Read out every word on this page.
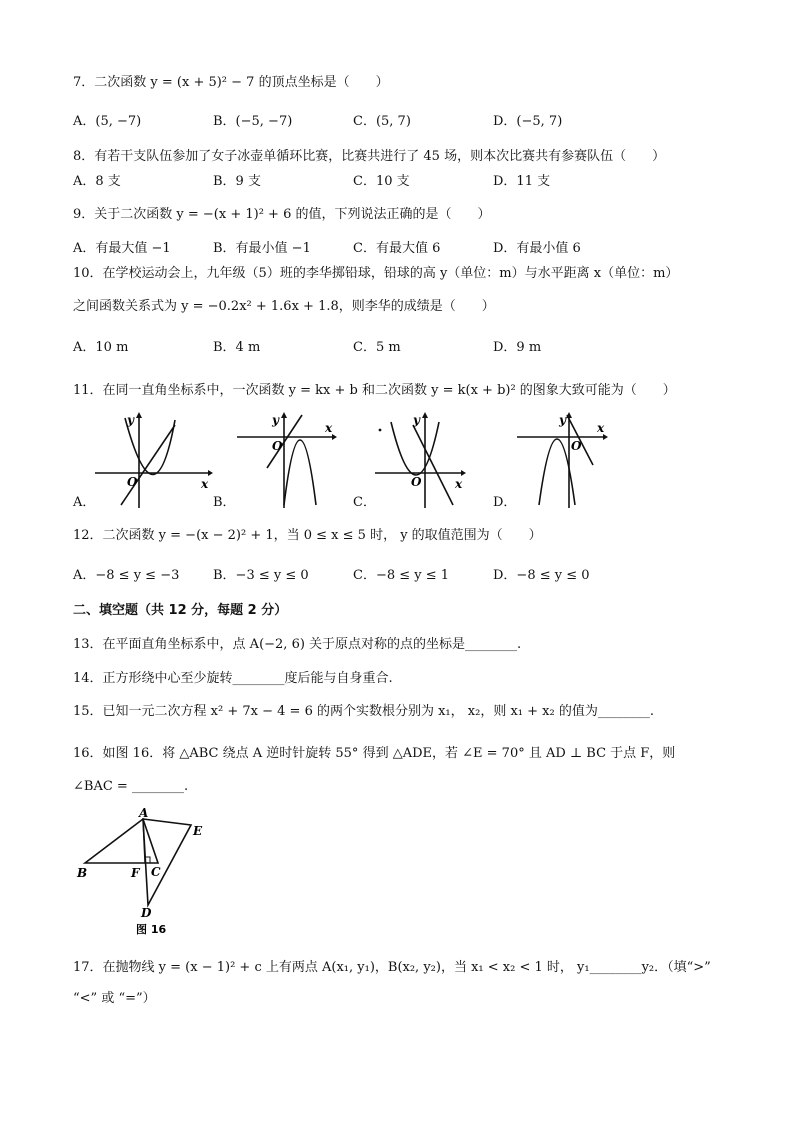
7．二次函数 y = (x + 5)² − 7 的顶点坐标是（　　）
A．(5, −7)	B．(−5, −7)	C．(5, 7)	D．(−5, 7)
8．有若干支队伍参加了女子冰壶单循环比赛，比赛共进行了 45 场，则本次比赛共有参赛队伍（　　）
A．8 支	B．9 支	C．10 支	D．11 支
9．关于二次函数 y = −(x + 1)² + 6 的值，下列说法正确的是（　　）
A．有最大值 −1	B．有最小值 −1	C．有最大值 6	D．有最小值 6
10．在学校运动会上，九年级（5）班的李华掷铅球，铅球的高 y（单位：m）与水平距离 x（单位：m）
之间函数关系式为 y = −0.2x² + 1.6x + 1.8，则李华的成绩是（　　）
A．10 m	B．4 m	C．5 m	D．9 m
11．在同一直角坐标系中，一次函数 y = kx + b 和二次函数 y = k(x + b)² 的图象大致可能为（　　）
A．
y
x
O
B．
y
x
O
C．
y
x
O
D．
y
x
O
12．二次函数 y = −(x − 2)² + 1，当 0 ≤ x ≤ 5 时， y 的取值范围为（　　）
A．−8 ≤ y ≤ −3	B．−3 ≤ y ≤ 0	C．−8 ≤ y ≤ 1	D．−8 ≤ y ≤ 0
二、填空题（共 12 分，每题 2 分）
13．在平面直角坐标系中，点 A(−2, 6) 关于原点对称的点的坐标是________.
14．正方形绕中心至少旋转________度后能与自身重合.
15．已知一元二次方程 x² + 7x − 4 = 6 的两个实数根分别为 x₁， x₂，则 x₁ + x₂ 的值为________.
16．如图 16．将 △ABC 绕点 A 逆时针旋转 55° 得到 △ADE，若 ∠E = 70° 且 AD ⊥ BC 于点 F，则
∠BAC = ________.
A
B	C
D
E
F
图 16
17．在抛物线 y = (x − 1)² + c 上有两点 A(x₁, y₁)，B(x₂, y₂)，当 x₁ < x₂ < 1 时， y₁________y₂．（填“>”
“<” 或 “=”）
